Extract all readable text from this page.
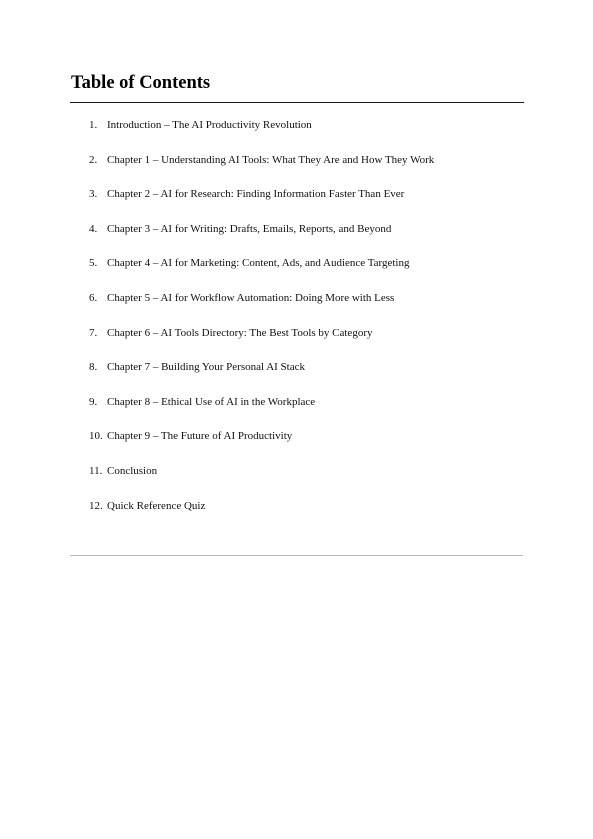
Table of Contents
1. Introduction – The AI Productivity Revolution
2. Chapter 1 – Understanding AI Tools: What They Are and How They Work
3. Chapter 2 – AI for Research: Finding Information Faster Than Ever
4. Chapter 3 – AI for Writing: Drafts, Emails, Reports, and Beyond
5. Chapter 4 – AI for Marketing: Content, Ads, and Audience Targeting
6. Chapter 5 – AI for Workflow Automation: Doing More with Less
7. Chapter 6 – AI Tools Directory: The Best Tools by Category
8. Chapter 7 – Building Your Personal AI Stack
9. Chapter 8 – Ethical Use of AI in the Workplace
10. Chapter 9 – The Future of AI Productivity
11. Conclusion
12. Quick Reference Quiz
